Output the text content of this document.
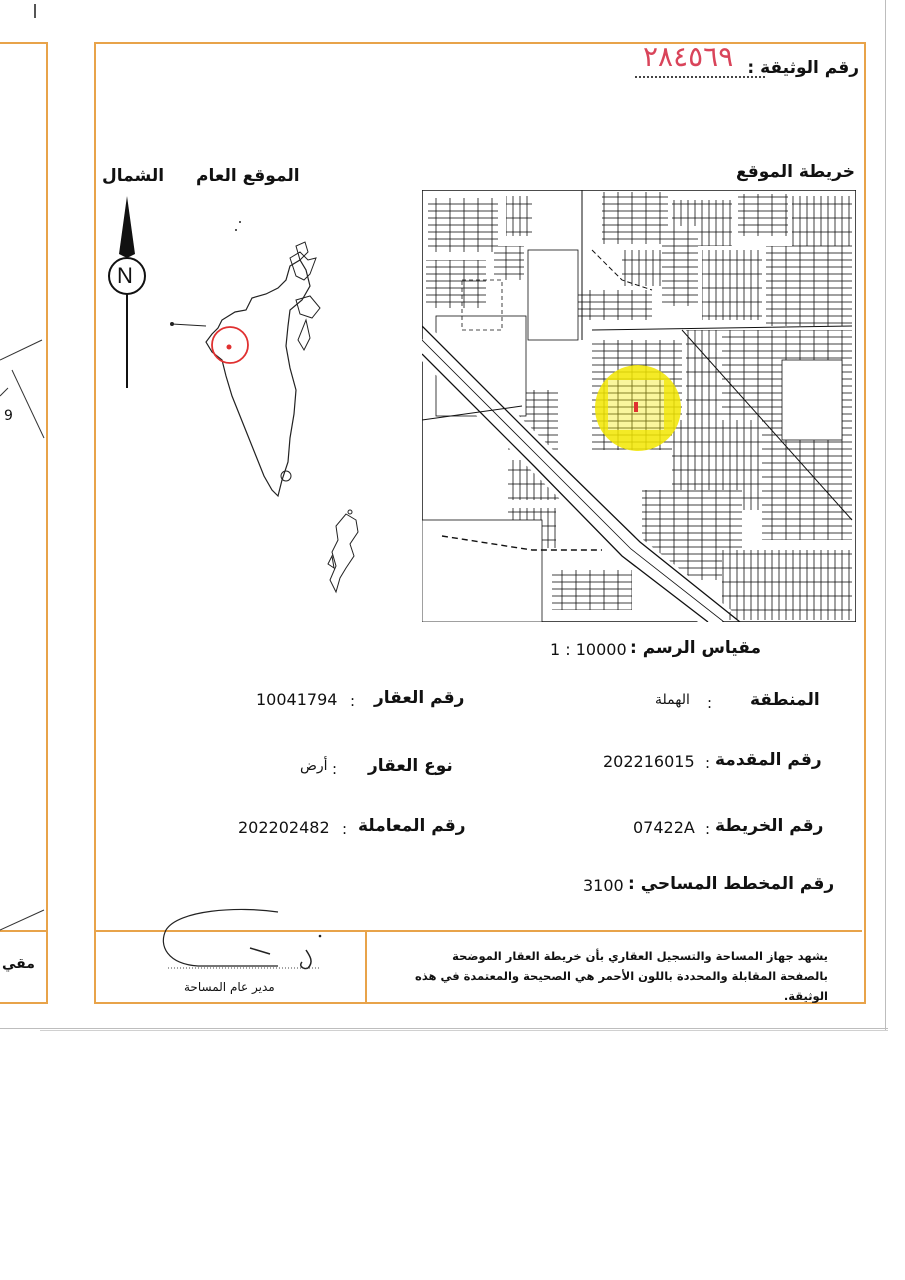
9
مقي
رقم الوثيقة :
٢٨٤٥٦٩
خريطة الموقع
الموقع العام
الشمال
N
مقياس الرسم :
1 : 10000
المنطقة
:
الهملة
رقم المقدمة
:
202216015
رقم الخريطة
:
07422A
رقم المخطط المساحي :
3100
رقم العقار
:
10041794
نوع العقار
:
أرض
رقم المعاملة
:
202202482
يشهد جهاز المساحة والتسجيل العقاري بأن خريطة العقار الموضحة بالصفحة المقابلة والمحددة باللون الأحمر هي الصحيحة والمعتمدة في هذه الوثيقة.
مدير عام المساحة
